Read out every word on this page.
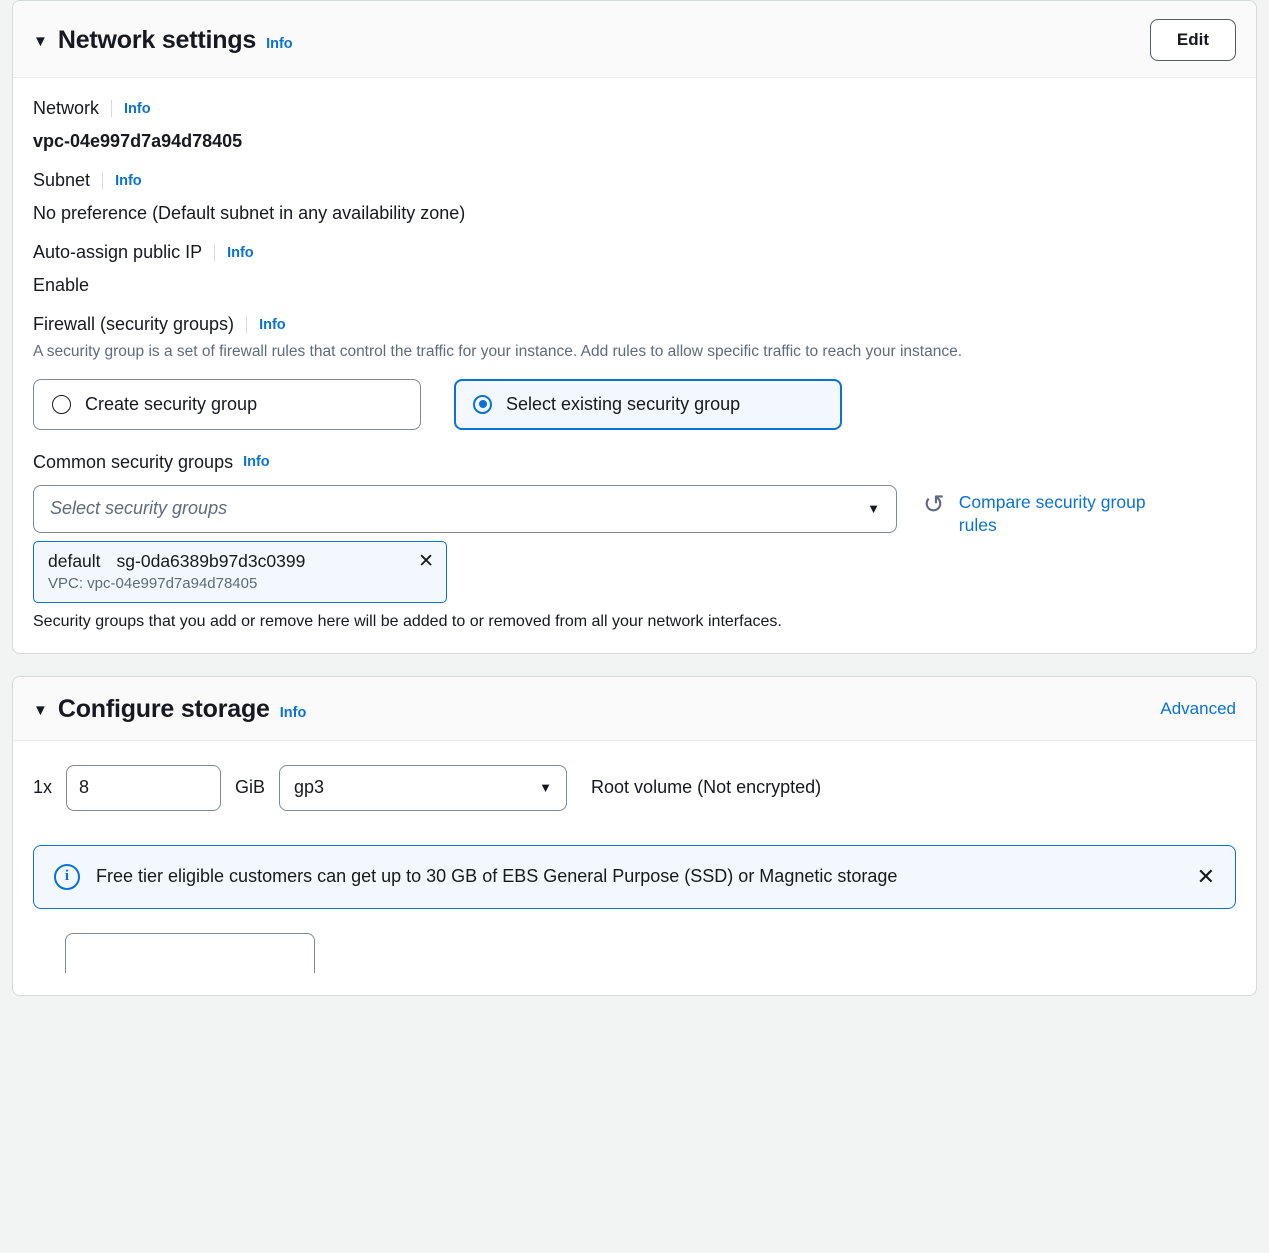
▼ Network settings Info	Edit
Network Info
vpc-04e997d7a94d78405
Subnet Info
No preference (Default subnet in any availability zone)
Auto-assign public IP Info
Enable
Firewall (security groups) Info
A security group is a set of firewall rules that control the traffic for your instance. Add rules to allow specific traffic to reach your instance.
Create security group	Select existing security group
Common security groups Info
Select security groups	▼
default sg-0da6389b97d3c0399	✕
VPC: vpc-04e997d7a94d78405
↻ Compare security group rules
Security groups that you add or remove here will be added to or removed from all your network interfaces.
▼ Configure storage Info	Advanced
1x
8	GiB gp3	▼ Root volume (Not encrypted)
i	Free tier eligible customers can get up to 30 GB of EBS General Purpose (SSD) or Magnetic storage	✕
